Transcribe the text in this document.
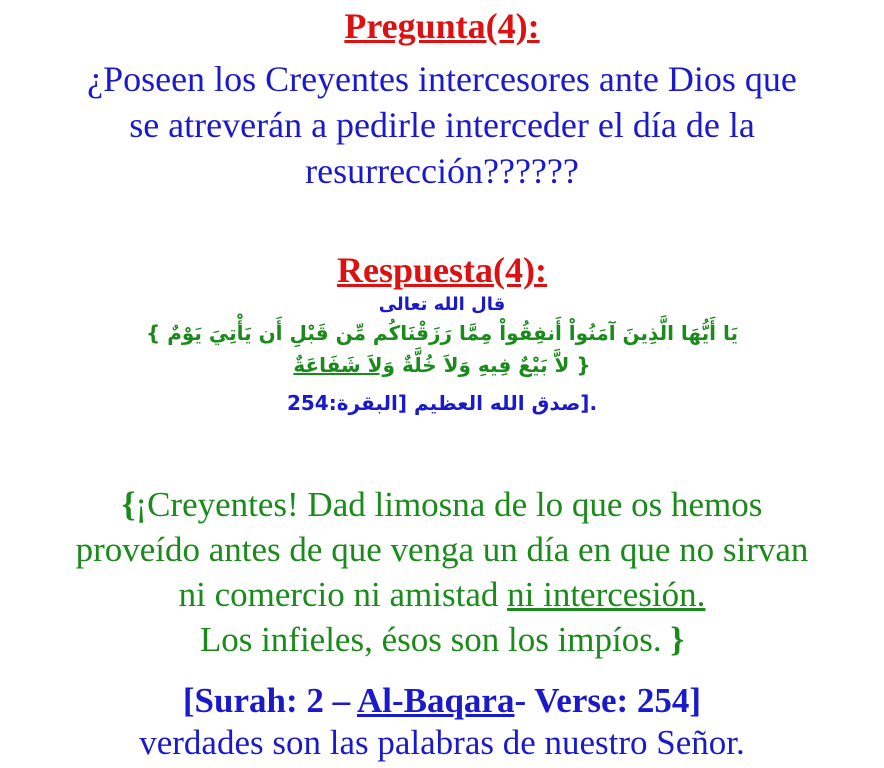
Pregunta(4):
¿Poseen los Creyentes intercesores ante Dios que
se atreverán a pedirle interceder el día de la
resurrección??????
Respuesta(4):
قال الله تعالى
يَا أَيُّهَا الَّذِينَ آمَنُواْ أَنفِقُواْ مِمَّا رَزَقْنَاكُم مِّن قَبْلِ أَن يَأْتِيَ يَوْمٌ }
{ لاَّ بَيْعٌ فِيهِ وَلاَ خُلَّةٌ وَلاَ شَفَاعَةٌ
.[صدق الله العظيم [البقرة:254
{¡Creyentes! Dad limosna de lo que os hemos
proveído antes de que venga un día en que no sirvan
ni comercio ni amistad ni intercesión.
Los infieles, ésos son los impíos. }
[Surah: 2 – Al-Baqara- Verse: 254]
verdades son las palabras de nuestro Señor.
